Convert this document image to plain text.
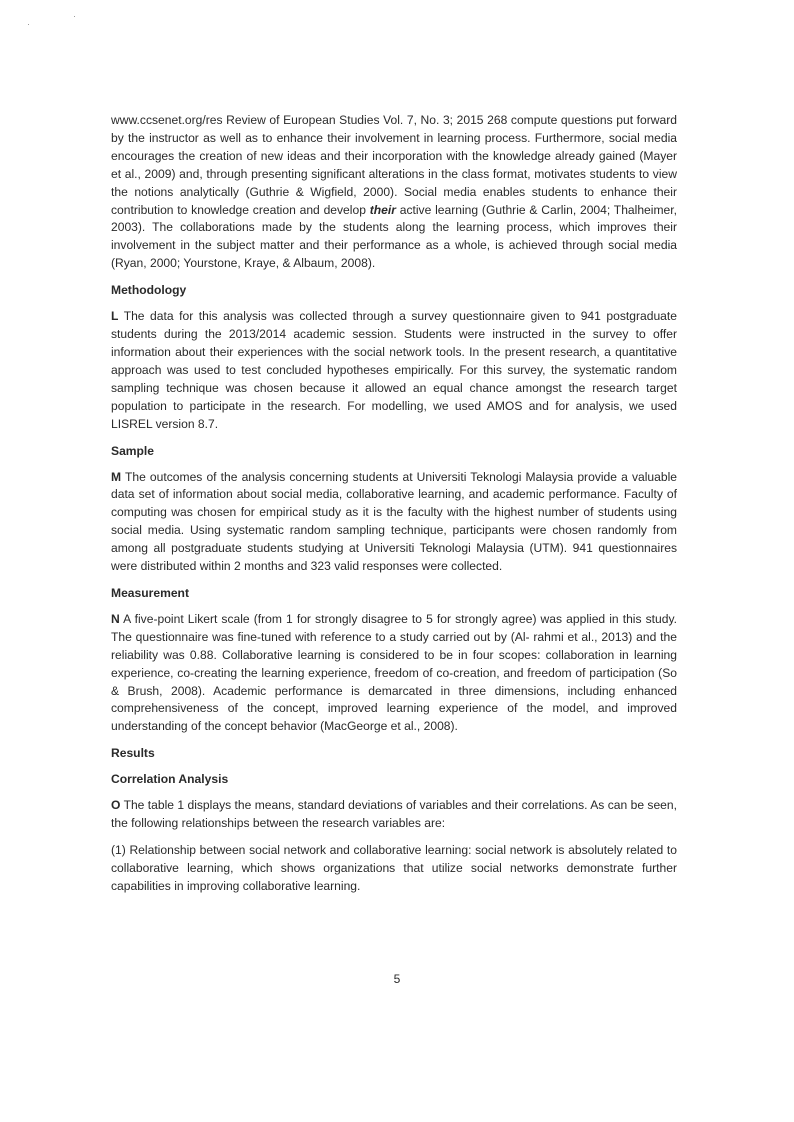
www.ccsenet.org/res Review of European Studies Vol. 7, No. 3; 2015 268 compute questions put forward by the instructor as well as to enhance their involvement in learning process. Furthermore, social media encourages the creation of new ideas and their incorporation with the knowledge already gained (Mayer et al., 2009) and, through presenting significant alterations in the class format, motivates students to view the notions analytically (Guthrie & Wigfield, 2000). Social media enables students to enhance their contribution to knowledge creation and develop their active learning (Guthrie & Carlin, 2004; Thalheimer, 2003). The collaborations made by the students along the learning process, which improves their involvement in the subject matter and their performance as a whole, is achieved through social media (Ryan, 2000; Yourstone, Kraye, & Albaum, 2008).

Methodology

L The data for this analysis was collected through a survey questionnaire given to 941 postgraduate students during the 2013/2014 academic session. Students were instructed in the survey to offer information about their experiences with the social network tools. In the present research, a quantitative approach was used to test concluded hypotheses empirically. For this survey, the systematic random sampling technique was chosen because it allowed an equal chance amongst the research target population to participate in the research. For modelling, we used AMOS and for analysis, we used LISREL version 8.7.

Sample

M The outcomes of the analysis concerning students at Universiti Teknologi Malaysia provide a valuable data set of information about social media, collaborative learning, and academic performance. Faculty of computing was chosen for empirical study as it is the faculty with the highest number of students using social media. Using systematic random sampling technique, participants were chosen randomly from among all postgraduate students studying at Universiti Teknologi Malaysia (UTM). 941 questionnaires were distributed within 2 months and 323 valid responses were collected.

Measurement

N A five-point Likert scale (from 1 for strongly disagree to 5 for strongly agree) was applied in this study. The questionnaire was fine-tuned with reference to a study carried out by (Al- rahmi et al., 2013) and the reliability was 0.88. Collaborative learning is considered to be in four scopes: collaboration in learning experience, co-creating the learning experience, freedom of co-creation, and freedom of participation (So & Brush, 2008). Academic performance is demarcated in three dimensions, including enhanced comprehensiveness of the concept, improved learning experience of the model, and improved understanding of the concept behavior (MacGeorge et al., 2008).

Results
Correlation Analysis

O The table 1 displays the means, standard deviations of variables and their correlations. As can be seen, the following relationships between the research variables are:

(1) Relationship between social network and collaborative learning: social network is absolutely related to collaborative learning, which shows organizations that utilize social networks demonstrate further capabilities in improving collaborative learning.

5
